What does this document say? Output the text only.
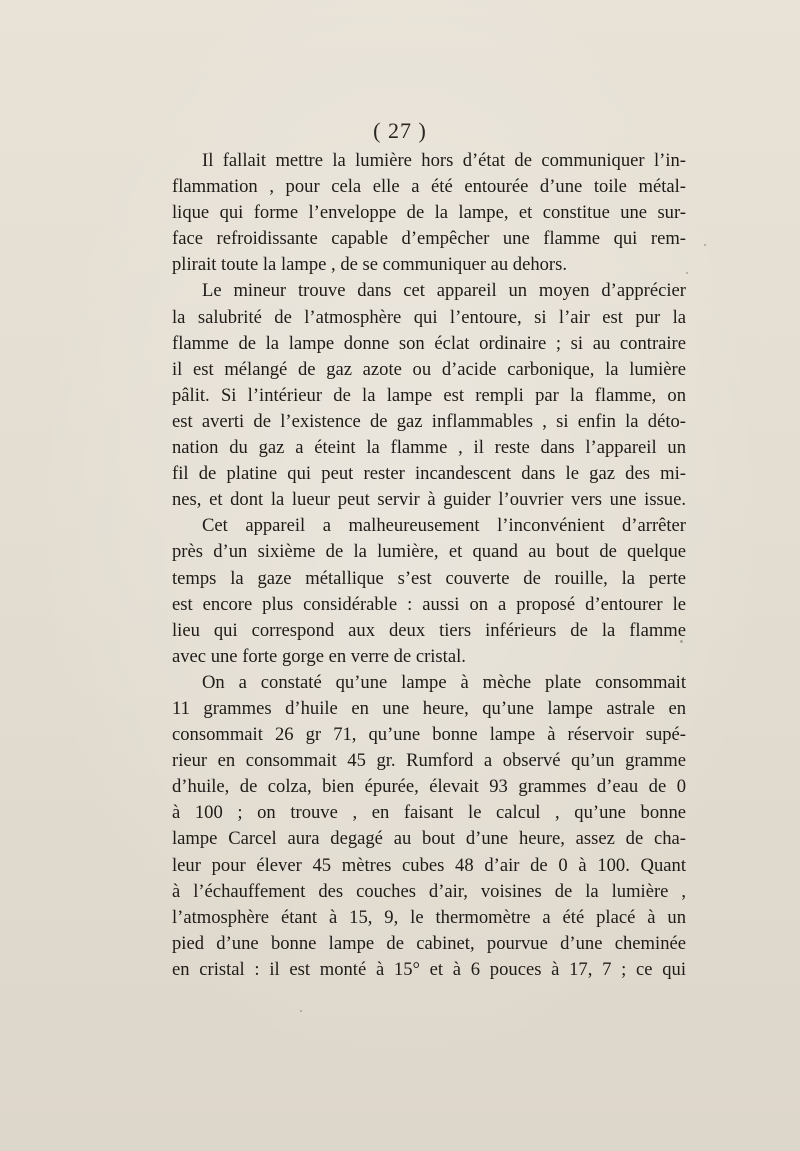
( 27 )
Il fallait mettre la lumière hors d’état de communiquer l’in-
flammation , pour cela elle a été entourée d’une toile métal-
lique qui forme l’enveloppe de la lampe, et constitue une sur-
face refroidissante capable d’empêcher une flamme qui rem-
plirait toute la lampe , de se communiquer au dehors.
Le mineur trouve dans cet appareil un moyen d’apprécier
la salubrité de l’atmosphère qui l’entoure, si l’air est pur la
flamme de la lampe donne son éclat ordinaire ; si au contraire
il est mélangé de gaz azote ou d’acide carbonique, la lumière
pâlit. Si l’intérieur de la lampe est rempli par la flamme, on
est averti de l’existence de gaz inflammables , si enfin la déto-
nation du gaz a éteint la flamme , il reste dans l’appareil un
fil de platine qui peut rester incandescent dans le gaz des mi-
nes, et dont la lueur peut servir à guider l’ouvrier vers une issue.
Cet appareil a malheureusement l’inconvénient d’arrêter
près d’un sixième de la lumière, et quand au bout de quelque
temps la gaze métallique s’est couverte de rouille, la perte
est encore plus considérable : aussi on a proposé d’entourer le
lieu qui correspond aux deux tiers inférieurs de la flamme
avec une forte gorge en verre de cristal.
On a constaté qu’une lampe à mèche plate consommait
11 grammes d’huile en une heure, qu’une lampe astrale en
consommait 26 gr 71, qu’une bonne lampe à réservoir supé-
rieur en consommait 45 gr. Rumford a observé qu’un gramme
d’huile, de colza, bien épurée, élevait 93 grammes d’eau de 0
à 100 ; on trouve , en faisant le calcul , qu’une bonne
lampe Carcel aura degagé au bout d’une heure, assez de cha-
leur pour élever 45 mètres cubes 48 d’air de 0 à 100. Quant
à l’échauffement des couches d’air, voisines de la lumière ,
l’atmosphère étant à 15, 9, le thermomètre a été placé à un
pied d’une bonne lampe de cabinet, pourvue d’une cheminée
en cristal : il est monté à 15° et à 6 pouces à 17, 7 ; ce qui
